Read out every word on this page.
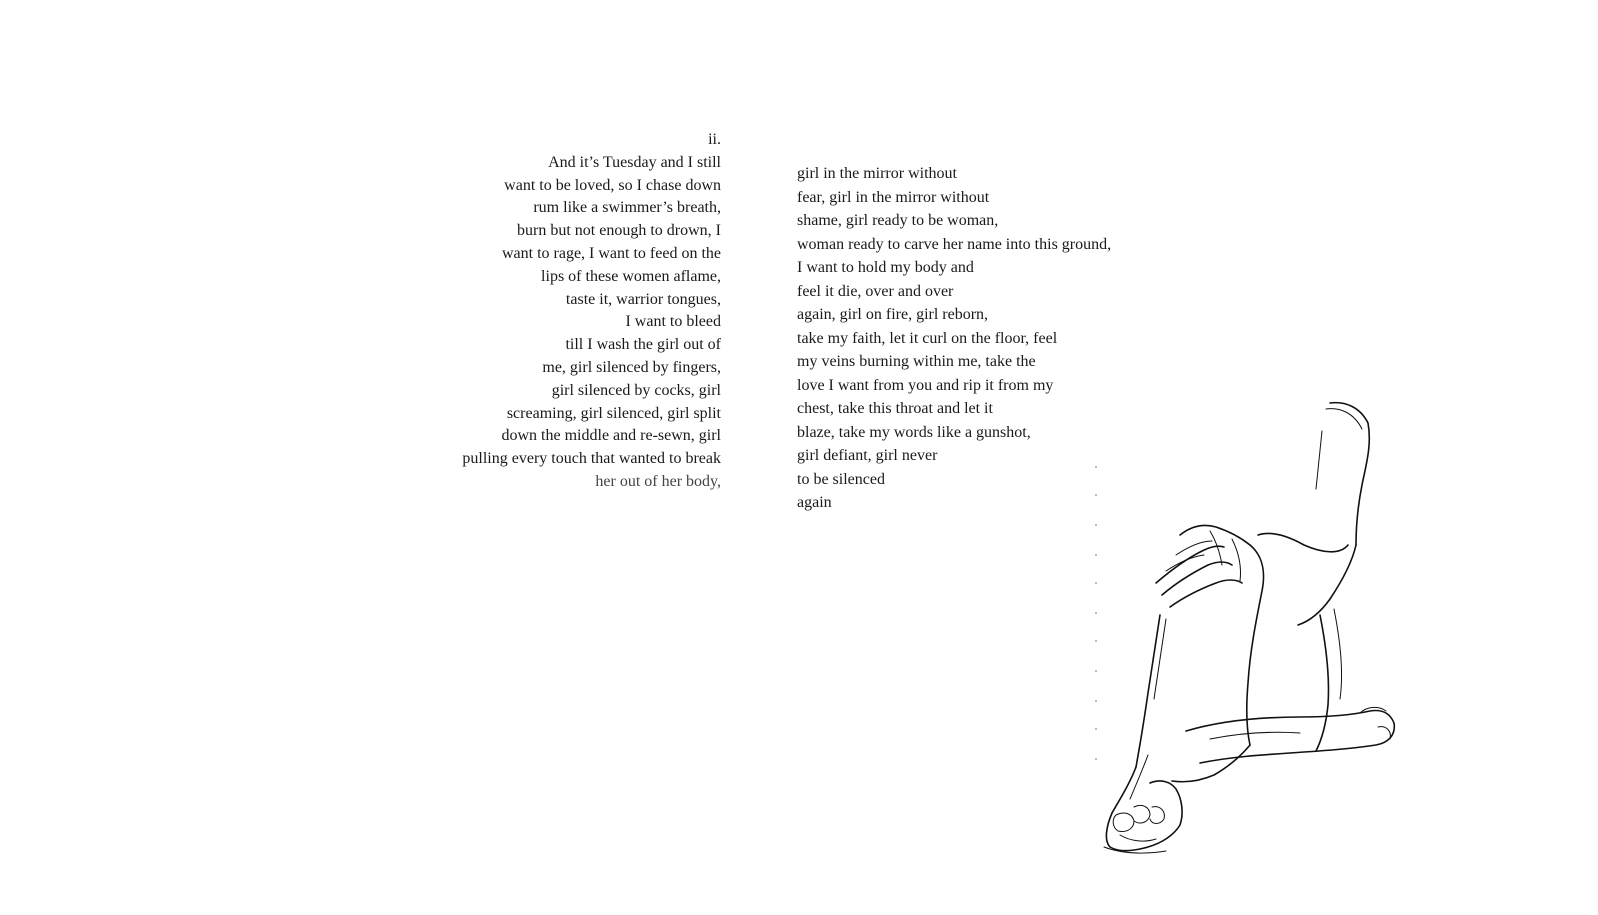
ii.
And it’s Tuesday and I still
want to be loved, so I chase down
rum like a swimmer’s breath,
burn but not enough to drown, I
want to rage, I want to feed on the
lips of these women aflame,
taste it, warrior tongues,
I want to bleed
till I wash the girl out of
me, girl silenced by fingers,
girl silenced by cocks, girl
screaming, girl silenced, girl split
down the middle and re-sewn, girl
pulling every touch that wanted to break
her out of her body,
girl in the mirror without
fear, girl in the mirror without
shame, girl ready to be woman,
woman ready to carve her name into this ground,
I want to hold my body and
feel it die, over and over
again, girl on fire, girl reborn,
take my faith, let it curl on the floor, feel
my veins burning within me, take the
love I want from you and rip it from my
chest, take this throat and let it
blaze, take my words like a gunshot,
girl defiant, girl never
to be silenced
again
